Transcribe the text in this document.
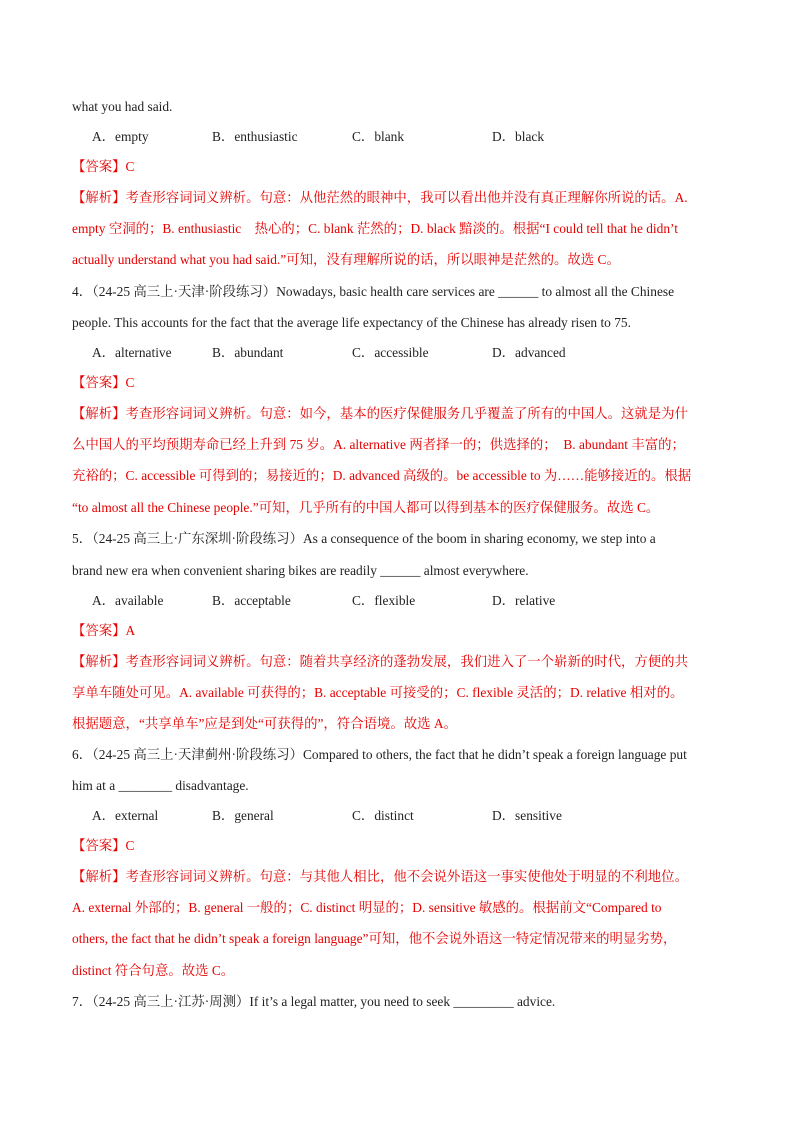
what you had said.
A．empty	B．enthusiastic	C．blank	D．black
【答案】C
【解析】考查形容词词义辨析。句意：从他茫然的眼神中，我可以看出他并没有真正理解你所说的话。A.
empty 空洞的；B. enthusiastic　热心的；C. blank 茫然的；D. black 黯淡的。根据“I could tell that he didn’t
actually understand what you had said.”可知，没有理解所说的话，所以眼神是茫然的。故选 C。
4．（24-25 高三上·天津·阶段练习）Nowadays, basic health care services are ______ to almost all the Chinese
people. This accounts for the fact that the average life expectancy of the Chinese has already risen to 75.
A．alternative	B．abundant	C．accessible	D．advanced
【答案】C
【解析】考查形容词词义辨析。句意：如今，基本的医疗保健服务几乎覆盖了所有的中国人。这就是为什
么中国人的平均预期寿命已经上升到 75 岁。A. alternative 两者择一的；供选择的；　B. abundant 丰富的；
充裕的；C. accessible 可得到的；易接近的；D. advanced 高级的。be accessible to 为……能够接近的。根据
“to almost all the Chinese people.”可知，几乎所有的中国人都可以得到基本的医疗保健服务。故选 C。
5．（24-25 高三上·广东深圳·阶段练习）As a consequence of the boom in sharing economy, we step into a
brand new era when convenient sharing bikes are readily ______ almost everywhere.
A．available	B．acceptable	C．flexible	D．relative
【答案】A
【解析】考查形容词词义辨析。句意：随着共享经济的蓬勃发展，我们进入了一个崭新的时代，方便的共
享单车随处可见。A. available 可获得的；B. acceptable 可接受的；C. flexible 灵活的；D. relative 相对的。
根据题意，“共享单车”应是到处“可获得的”，符合语境。故选 A。
6．（24-25 高三上·天津蓟州·阶段练习）Compared to others, the fact that he didn’t speak a foreign language put
him at a ________ disadvantage.
A．external	B．general	C．distinct	D．sensitive
【答案】C
【解析】考查形容词词义辨析。句意：与其他人相比，他不会说外语这一事实使他处于明显的不利地位。
A. external 外部的；B. general 一般的；C. distinct 明显的；D. sensitive 敏感的。根据前文“Compared to
others, the fact that he didn’t speak a foreign language”可知，他不会说外语这一特定情况带来的明显劣势，
distinct 符合句意。故选 C。
7．（24-25 高三上·江苏·周测）If it’s a legal matter, you need to seek _________ advice.
